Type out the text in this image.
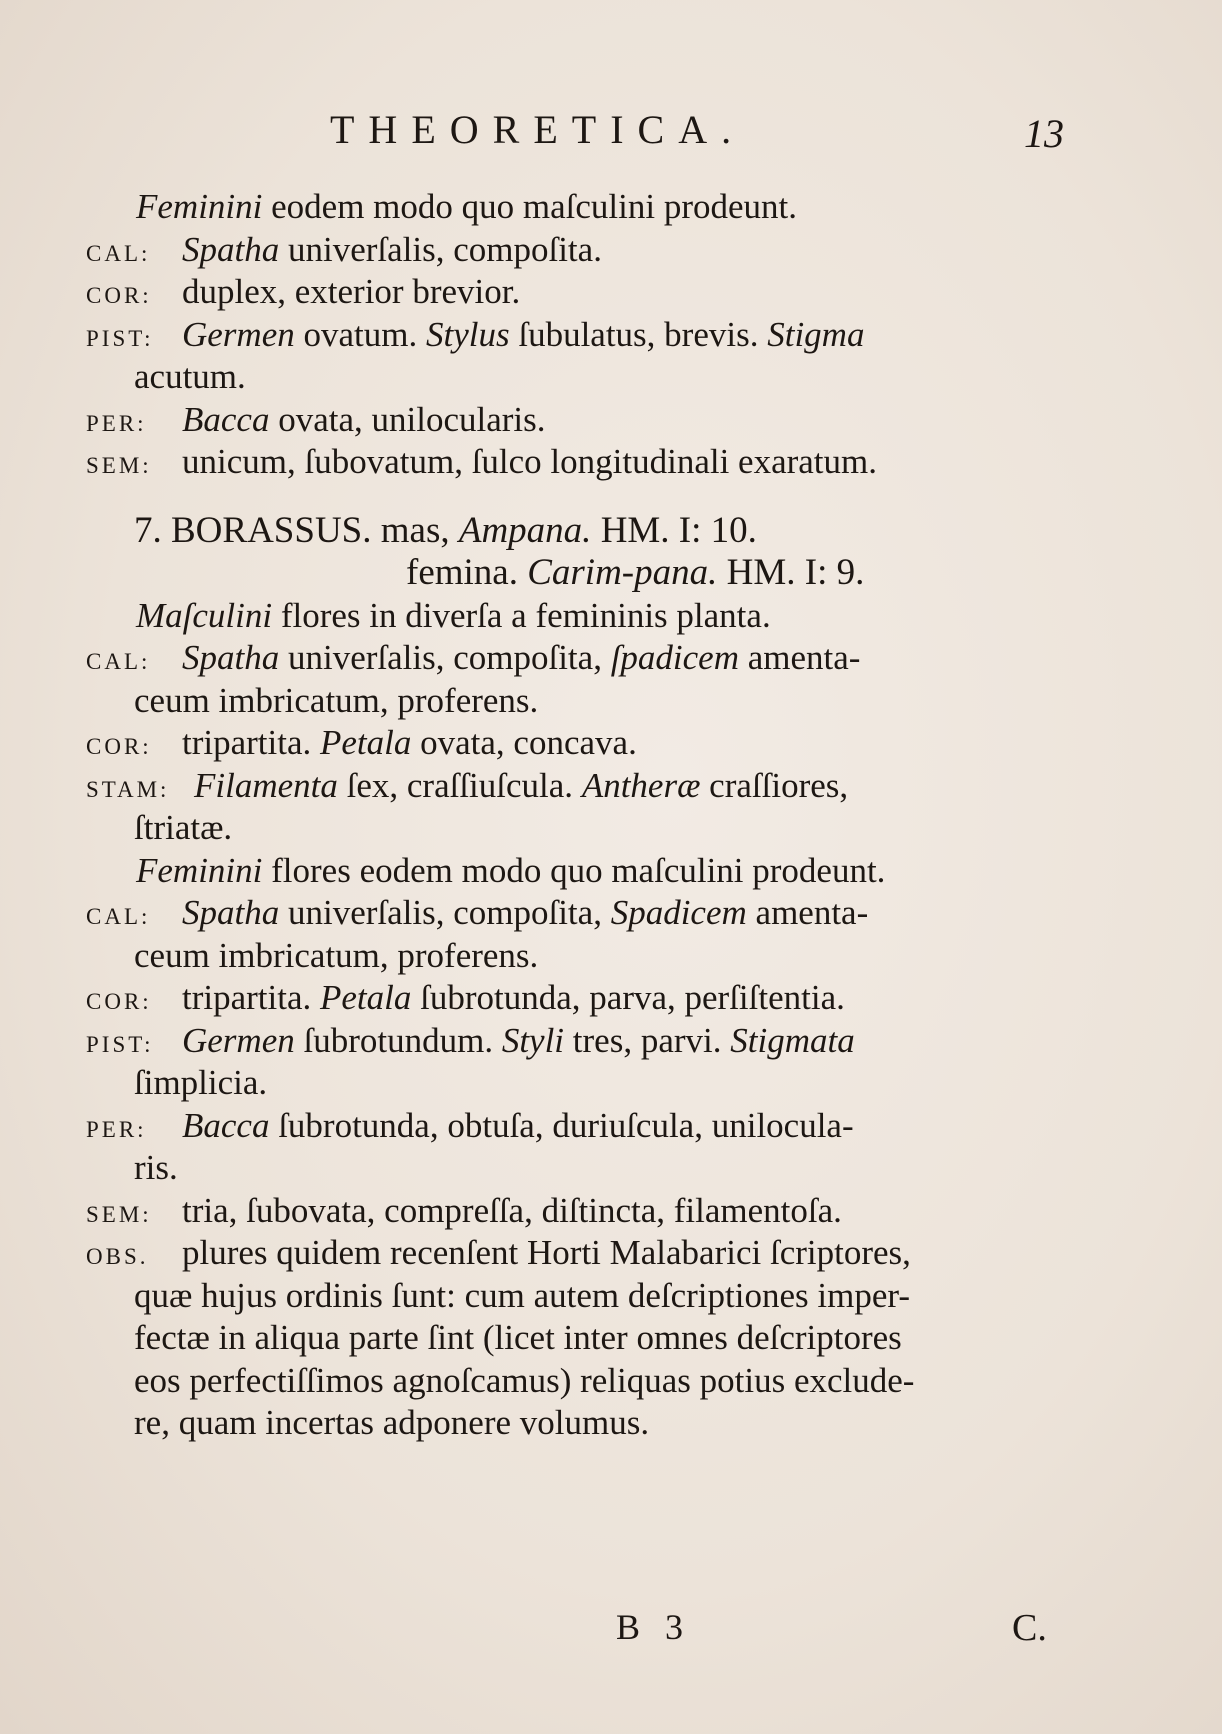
THEORETICA.	13
Feminini eodem modo quo maſculini prodeunt.
CAL: Spatha univerſalis, compoſita.
COR: duplex, exterior brevior.
PIST: Germen ovatum. Stylus ſubulatus, brevis. Stigma
acutum.
PER: Bacca ovata, unilocularis.
SEM: unicum, ſubovatum, ſulco longitudinali exaratum.
7. BORASSUS. mas, Ampana. HM. I: 10.
femina. Carim-pana. HM. I: 9.
Maſculini flores in diverſa a femininis planta.
CAL: Spatha univerſalis, compoſita, ſpadicem amenta-
ceum imbricatum, proferens.
COR: tripartita. Petala ovata, concava.
STAM: Filamenta ſex, craſſiuſcula. Antheræ craſſiores,
ſtriatæ.
Feminini flores eodem modo quo maſculini prodeunt.
CAL: Spatha univerſalis, compoſita, Spadicem amenta-
ceum imbricatum, proferens.
COR: tripartita. Petala ſubrotunda, parva, perſiſtentia.
PIST: Germen ſubrotundum. Styli tres, parvi. Stigmata
ſimplicia.
PER: Bacca ſubrotunda, obtuſa, duriuſcula, unilocula-
ris.
SEM: tria, ſubovata, compreſſa, diſtincta, filamentoſa.
OBS. plures quidem recenſent Horti Malabarici ſcriptores,
quæ hujus ordinis ſunt: cum autem deſcriptiones imper-
fectæ in aliqua parte ſint (licet inter omnes deſcriptores
eos perfectiſſimos agnoſcamus) reliquas potius exclude-
re, quam incertas adponere volumus.
B 3	C.
